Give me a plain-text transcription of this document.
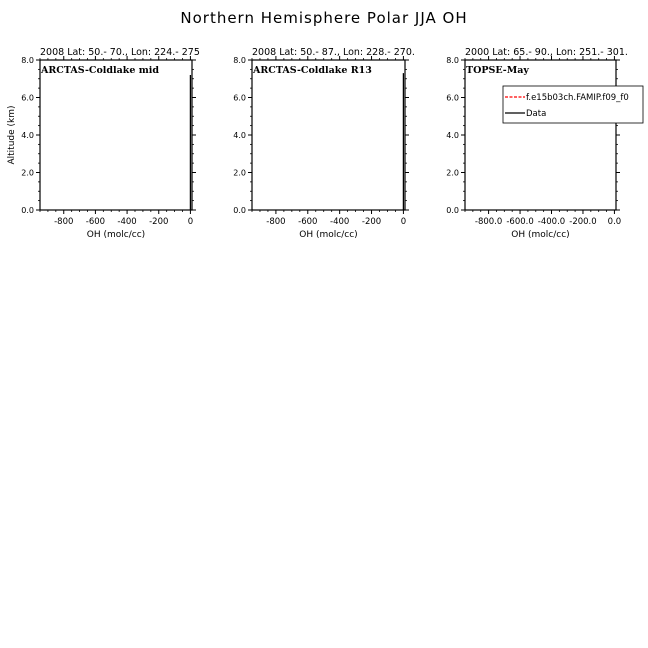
Northern Hemisphere Polar JJA OH
2008 Lat: 50.- 70., Lon: 224.- 275
ARCTAS-Coldlake mid
-800 -600 -400 -200 0
0.0
2.0
4.0
6.0
8.0
OH (molc/cc)
Altitude (km)
2008 Lat: 50.- 87., Lon: 228.- 270.
ARCTAS-Coldlake R13
-800 -600 -400 -200 0
0.0
2.0
4.0
6.0
8.0
OH (molc/cc)
2000 Lat: 65.- 90., Lon: 251.- 301.
TOPSE-May
-800.0 -600.0 -400.0 -200.0 0.0
0.0
2.0
4.0
6.0
8.0
OH (molc/cc)
f.e15b03ch.FAMIP.f09_f0
Data
